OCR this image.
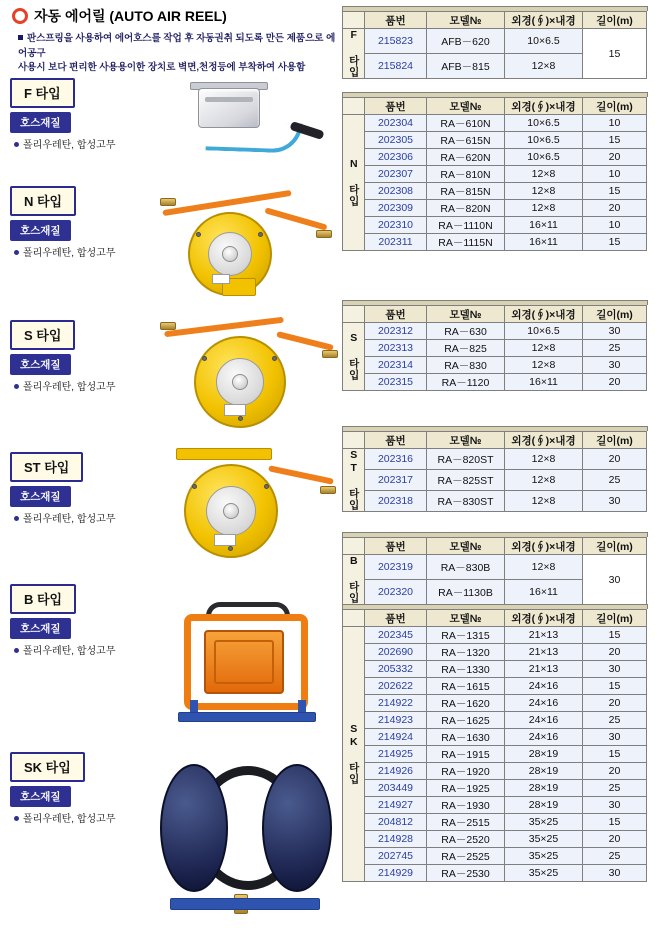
자동 에어릴 (AUTO AIR REEL)
판스프링을 사용하여 에어호스를 작업 후 자동권취 되도록 만든 제품으로 에어공구
사용시 보다 편리한 사용용이한 장치로 벽면,천정등에 부착하여 사용함
F 타입
호스재질
폴리우레탄, 합성고무
N 타입
호스재질
폴리우레탄, 합성고무
S 타입
호스재질
폴리우레탄, 합성고무
ST 타입
호스재질
폴리우레탄, 합성고무
B 타입
호스재질
폴리우레탄, 합성고무
SK 타입
호스재질
폴리우레탄, 합성고무
	품번	모델№	외경(∮)×내경	길이(m)

F 타입	215823	AFB－620	10×6.5	15
	215824	AFB－815	12×8	
	품번	모델№	외경(∮)×내경	길이(m)

N 타입	202304	RA－610N	10×6.5	10
	202305	RA－615N	10×6.5	15
	202306	RA－620N	10×6.5	20
	202307	RA－810N	12×8	10
	202308	RA－815N	12×8	15
	202309	RA－820N	12×8	20
	202310	RA－1110N	16×11	10
	202311	RA－1115N	16×11	15
	품번	모델№	외경(∮)×내경	길이(m)

S 타입	202312	RA－630	10×6.5	30
	202313	RA－825	12×8	25
	202314	RA－830	12×8	30
	202315	RA－1120	16×11	20
	품번	모델№	외경(∮)×내경	길이(m)

ST 타입	202316	RA－820ST	12×8	20
	202317	RA－825ST	12×8	25
	202318	RA－830ST	12×8	30
	품번	모델№	외경(∮)×내경	길이(m)

B 타입	202319	RA－830B	12×8	30
	202320	RA－1130B	16×11	
	품번	모델№	외경(∮)×내경	길이(m)

SK 타입	202345	RA－1315	21×13	15
	202690	RA－1320	21×13	20
	205332	RA－1330	21×13	30
	202622	RA－1615	24×16	15
	214922	RA－1620	24×16	20
	214923	RA－1625	24×16	25
	214924	RA－1630	24×16	30
	214925	RA－1915	28×19	15
	214926	RA－1920	28×19	20
	203449	RA－1925	28×19	25
	214927	RA－1930	28×19	30
	204812	RA－2515	35×25	15
	214928	RA－2520	35×25	20
	202745	RA－2525	35×25	25
	214929	RA－2530	35×25	30
